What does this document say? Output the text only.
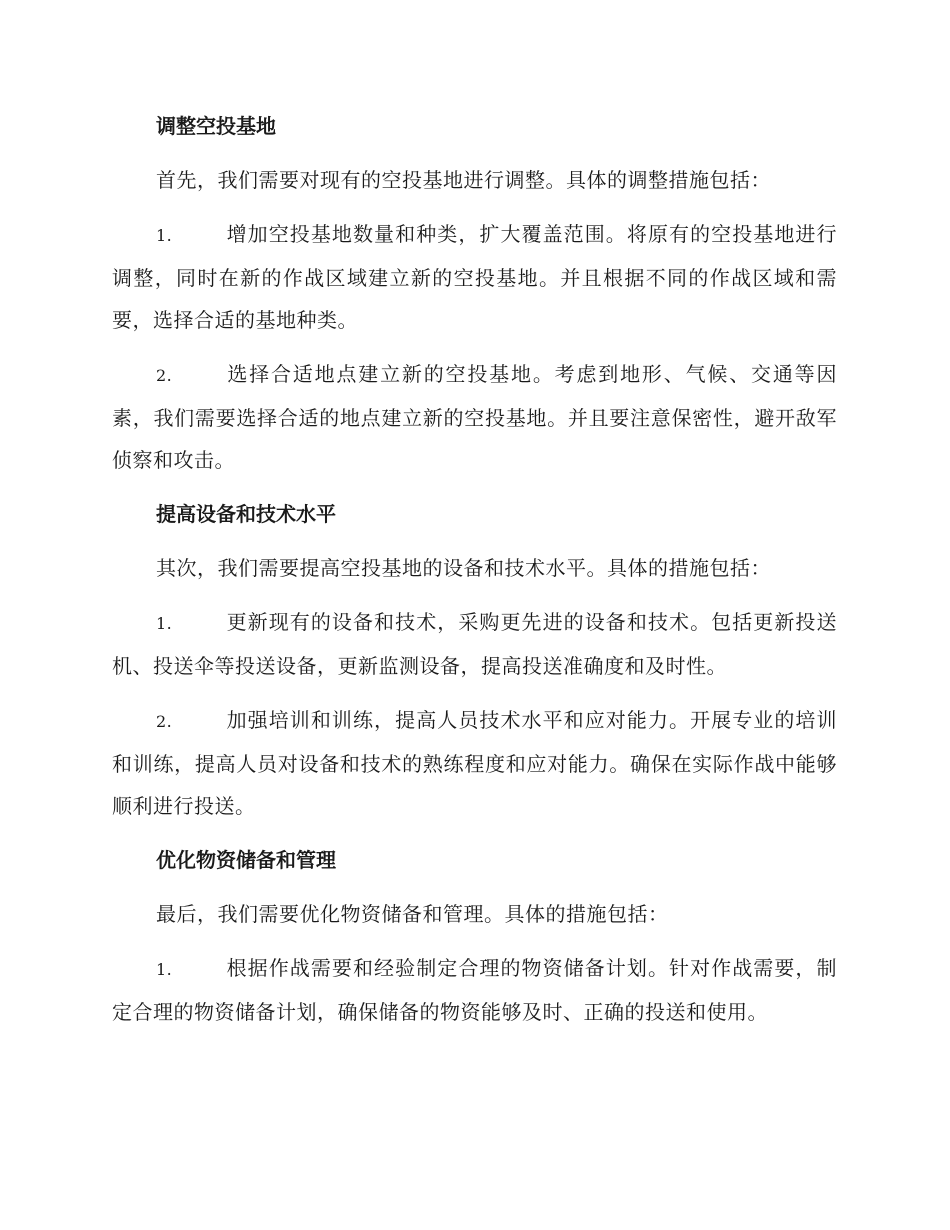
调整空投基地
首先，我们需要对现有的空投基地进行调整。具体的调整措施包括：
1.	增加空投基地数量和种类，扩大覆盖范围。将原有的空投基地进行调整，同时在新的作战区域建立新的空投基地。并且根据不同的作战区域和需要，选择合适的基地种类。
2.	选择合适地点建立新的空投基地。考虑到地形、气候、交通等因素，我们需要选择合适的地点建立新的空投基地。并且要注意保密性，避开敌军侦察和攻击。
提高设备和技术水平
其次，我们需要提高空投基地的设备和技术水平。具体的措施包括：
1.	更新现有的设备和技术，采购更先进的设备和技术。包括更新投送机、投送伞等投送设备，更新监测设备，提高投送准确度和及时性。
2.	加强培训和训练，提高人员技术水平和应对能力。开展专业的培训和训练，提高人员对设备和技术的熟练程度和应对能力。确保在实际作战中能够顺利进行投送。
优化物资储备和管理
最后，我们需要优化物资储备和管理。具体的措施包括：
1.	根据作战需要和经验制定合理的物资储备计划。针对作战需要，制定合理的物资储备计划，确保储备的物资能够及时、正确的投送和使用。
